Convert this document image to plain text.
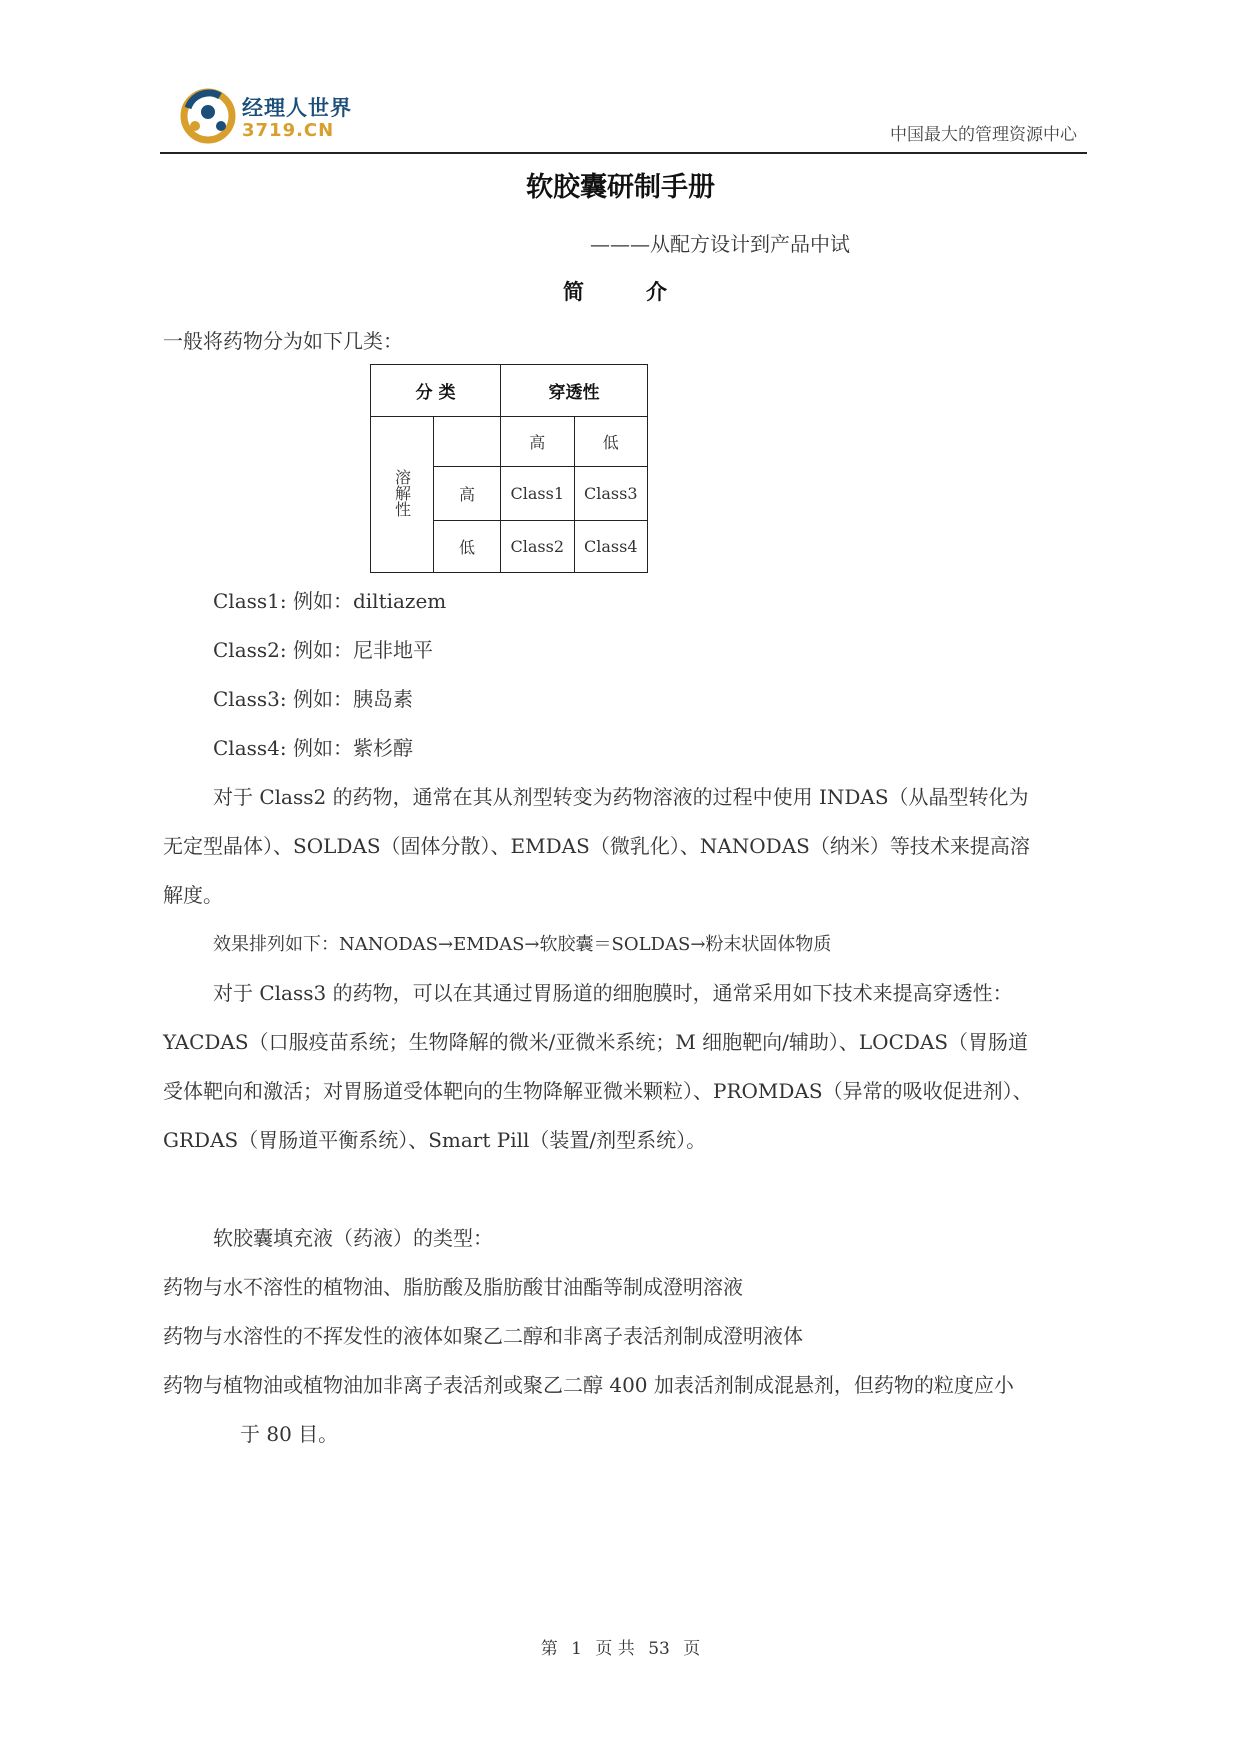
经理人世界
3719.CN	中国最大的管理资源中心
软胶囊研制手册
———从配方设计到产品中试
简介
一般将药物分为如下几类：
分 类		穿透性	
溶解性		高	低
	高	Class1	Class3
	低	Class2	Class4
Class1: 例如：diltiazem
Class2: 例如：尼非地平
Class3: 例如：胰岛素
Class4: 例如：紫杉醇
对于 Class2 的药物，通常在其从剂型转变为药物溶液的过程中使用 INDAS（从晶型转化为
无定型晶体）、SOLDAS（固体分散）、EMDAS（微乳化）、NANODAS（纳米）等技术来提高溶
解度。
效果排列如下：NANODAS→EMDAS→软胶囊＝SOLDAS→粉末状固体物质
对于 Class3 的药物，可以在其通过胃肠道的细胞膜时，通常采用如下技术来提高穿透性：
YACDAS（口服疫苗系统；生物降解的微米/亚微米系统；M 细胞靶向/辅助）、LOCDAS（胃肠道
受体靶向和激活；对胃肠道受体靶向的生物降解亚微米颗粒）、PROMDAS（异常的吸收促进剂）、
GRDAS（胃肠道平衡系统）、Smart Pill（装置/剂型系统）。
软胶囊填充液（药液）的类型：
药物与水不溶性的植物油、脂肪酸及脂肪酸甘油酯等制成澄明溶液
药物与水溶性的不挥发性的液体如聚乙二醇和非离子表活剂制成澄明液体
药物与植物油或植物油加非离子表活剂或聚乙二醇 400 加表活剂制成混悬剂，但药物的粒度应小
于 80 目。
第 1 页 共 53 页
